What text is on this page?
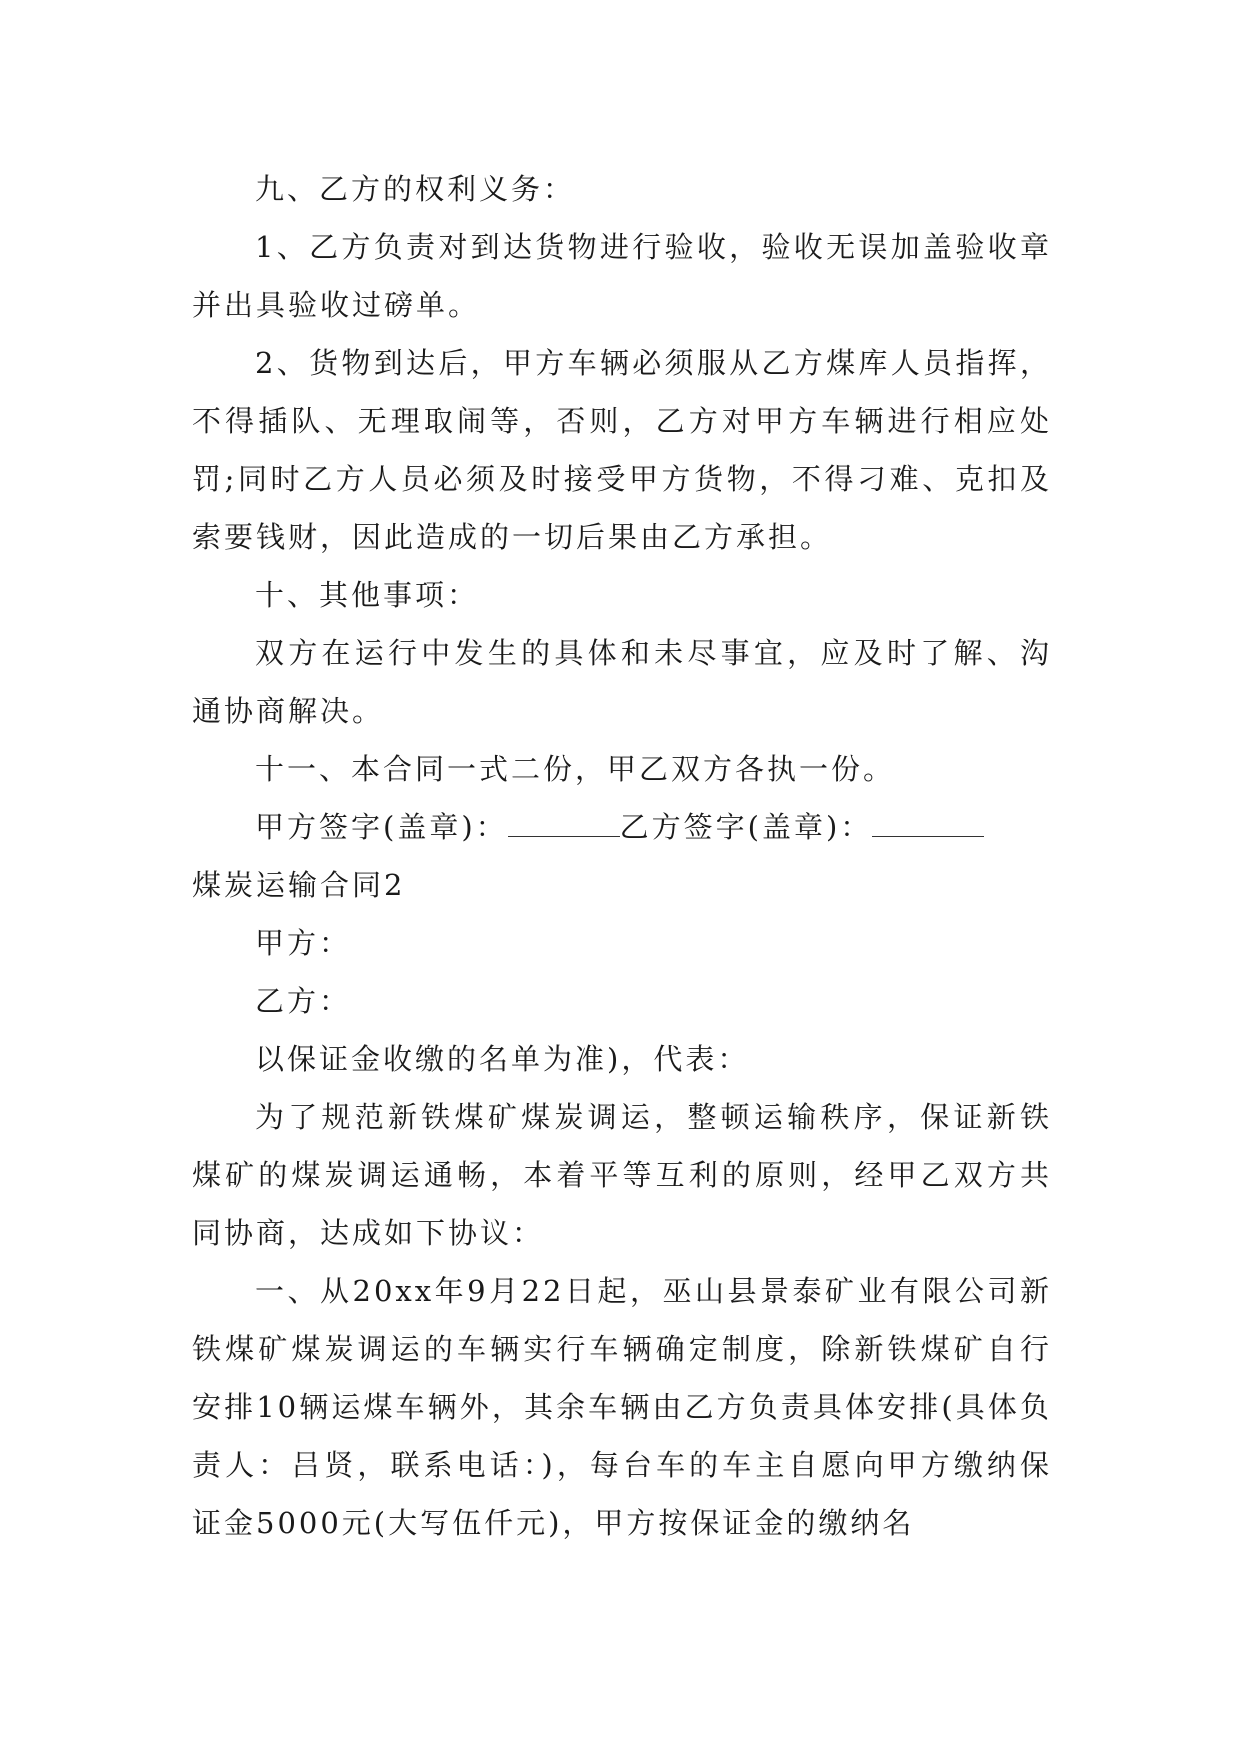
九、乙方的权利义务：

1、乙方负责对到达货物进行验收，验收无误加盖验收章并出具验收过磅单。

2、货物到达后，甲方车辆必须服从乙方煤库人员指挥，不得插队、无理取闹等，否则，乙方对甲方车辆进行相应处罚;同时乙方人员必须及时接受甲方货物，不得刁难、克扣及索要钱财，因此造成的一切后果由乙方承担。

十、其他事项：

双方在运行中发生的具体和未尽事宜，应及时了解、沟通协商解决。

十一、本合同一式二份，甲乙双方各执一份。

甲方签字(盖章)：	乙方签字(盖章)：

煤炭运输合同2

甲方：

乙方：

以保证金收缴的名单为准)，代表：

为了规范新铁煤矿煤炭调运，整顿运输秩序，保证新铁煤矿的煤炭调运通畅，本着平等互利的原则，经甲乙双方共同协商，达成如下协议：

一、从20xx年9月22日起，巫山县景泰矿业有限公司新铁煤矿煤炭调运的车辆实行车辆确定制度，除新铁煤矿自行安排10辆运煤车辆外，其余车辆由乙方负责具体安排(具体负责人：吕贤，联系电话：)，每台车的车主自愿向甲方缴纳保证金5000元(大写伍仟元)，甲方按保证金的缴纳名
